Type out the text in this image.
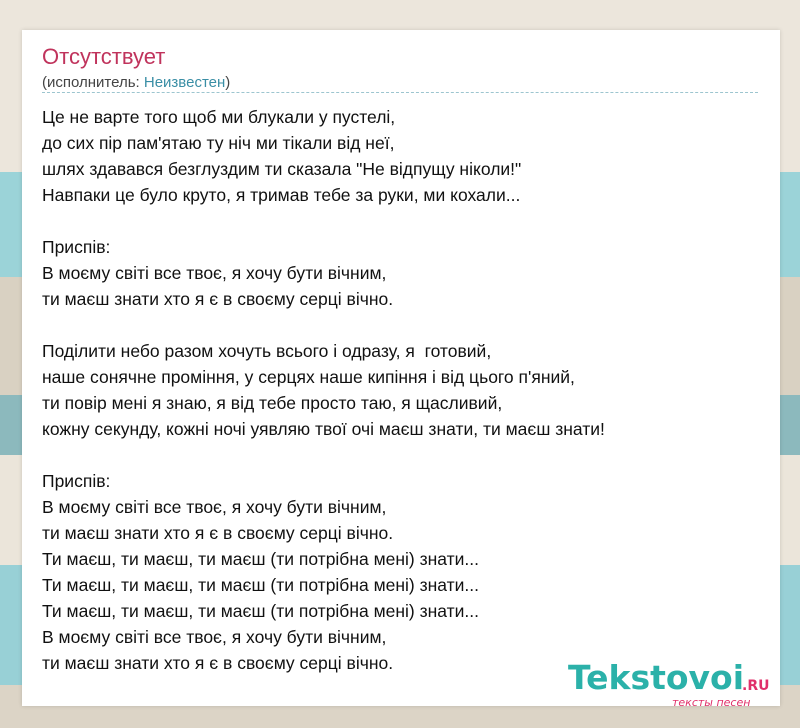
Отсутствует
(исполнитель: Неизвестен)
Це не варте того щоб ми блукали у пустелі,
до сих пір пам'ятаю ту ніч ми тікали від неї,
шлях здавався безглуздим ти сказала "Не відпущу ніколи!"
Навпаки це було круто, я тримав тебе за руки, ми кохали...
Приспів:
В моєму світі все твоє, я хочу бути вічним,
ти маєш знати хто я є в своєму серці вічно.
Поділити небо разом хочуть всього і одразу, я  готовий,
наше сонячне проміння, у серцях наше кипіння і від цього п'яний,
ти повір мені я знаю, я від тебе просто таю, я щасливий,
кожну секунду, кожні ночі уявляю твої очі маєш знати, ти маєш знати!
Приспів:
В моєму світі все твоє, я хочу бути вічним,
ти маєш знати хто я є в своєму серці вічно.
Ти маєш, ти маєш, ти маєш (ти потрібна мені) знати...
Ти маєш, ти маєш, ти маєш (ти потрібна мені) знати...
Ти маєш, ти маєш, ти маєш (ти потрібна мені) знати...
В моєму світі все твоє, я хочу бути вічним,
ти маєш знати хто я є в своєму серці вічно.	Tekstovoi
.RU
тексты песен
